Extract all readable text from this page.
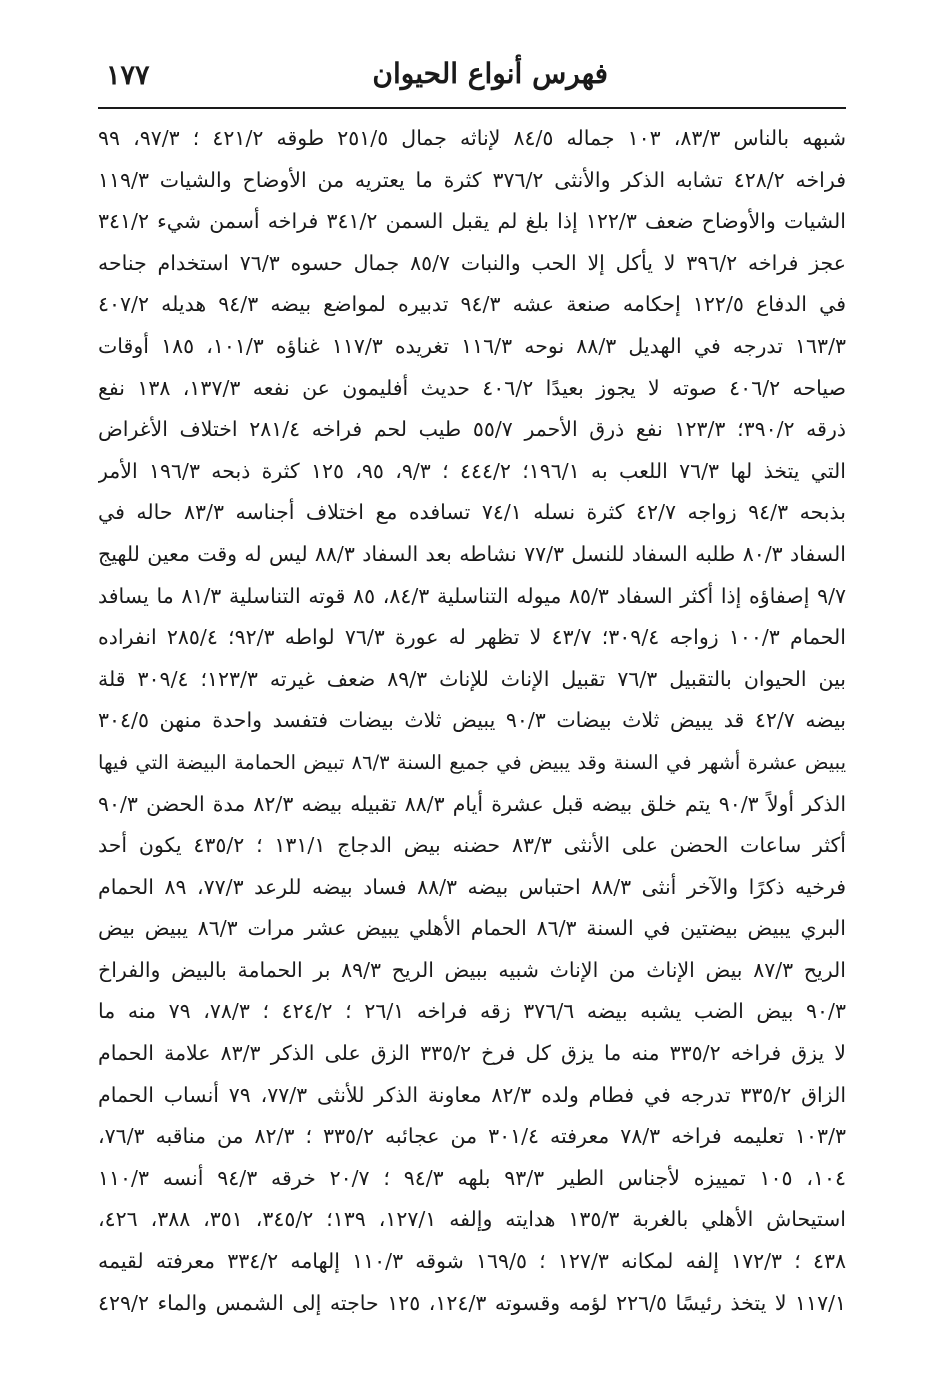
١٧٧	فهرس أنواع الحيوان
شبهه بالناس ٨٣/٣، ١٠٣ جماله ٨٤/٥ لإناثه جمال ٢٥١/٥ طوقه ٤٢١/٢ ؛ ٩٧/٣، ٩٩
فراخه ٤٢٨/٢ تشابه الذكر والأنثى ٣٧٦/٢ كثرة ما يعتريه من الأوضاح والشيات ١١٩/٣
الشيات والأوضاح ضعف ١٢٢/٣ إذا بلغ لم يقبل السمن ٣٤١/٢ فراخه أسمن شيء ٣٤١/٢
عجز فراخه ٣٩٦/٢ لا يأكل إلا الحب والنبات ٨٥/٧ جمال حسوه ٧٦/٣ استخدام جناحه
في الدفاع ١٢٢/٥ إحكامه صنعة عشه ٩٤/٣ تدبيره لمواضع بيضه ٩٤/٣ هديله ٤٠٧/٢
١٦٣/٣ تدرجه في الهديل ٨٨/٣ نوحه ١١٦/٣ تغريده ١١٧/٣ غناؤه ١٠١/٣، ١٨٥ أوقات
صياحه ٤٠٦/٢ صوته لا يجوز بعيدًا ٤٠٦/٢ حديث أفليمون عن نفعه ١٣٧/٣، ١٣٨ نفع
ذرقه ٣٩٠/٢؛ ١٢٣/٣ نفع ذرق الأحمر ٥٥/٧ طيب لحم فراخه ٢٨١/٤ اختلاف الأغراض
التي يتخذ لها ٧٦/٣ اللعب به ١٩٦/١؛ ٤٤٤/٢ ؛ ٩/٣، ٩٥، ١٢٥ كثرة ذبحه ١٩٦/٣ الأمر
بذبحه ٩٤/٣ زواجه ٤٢/٧ كثرة نسله ٧٤/١ تسافده مع اختلاف أجناسه ٨٣/٣ حاله في
السفاد ٨٠/٣ طلبه السفاد للنسل ٧٧/٣ نشاطه بعد السفاد ٨٨/٣ ليس له وقت معين للهيج
٩/٧ إصفاؤه إذا أكثر السفاد ٨٥/٣ ميوله التناسلية ٨٤/٣، ٨٥ قوته التناسلية ٨١/٣ ما يسافد
الحمام ١٠٠/٣ زواجه ٣٠٩/٤؛ ٤٣/٧ لا تظهر له عورة ٧٦/٣ لواطه ٩٢/٣؛ ٢٨٥/٤ انفراده
بين الحيوان بالتقبيل ٧٦/٣ تقبيل الإناث للإناث ٨٩/٣ ضعف غيرته ١٢٣/٣؛ ٣٠٩/٤ قلة
بيضه ٤٢/٧ قد يبيض ثلاث بيضات ٩٠/٣ يبيض ثلاث بيضات فتفسد واحدة منهن ٣٠٤/٥
يبيض عشرة أشهر في السنة وقد يبيض في جميع السنة ٨٦/٣ تبيض الحمامة البيضة التي فيها
الذكر أولاً ٩٠/٣ يتم خلق بيضه قبل عشرة أيام ٨٨/٣ تقبيله بيضه ٨٢/٣ مدة الحضن ٩٠/٣
أكثر ساعات الحضن على الأنثى ٨٣/٣ حضنه بيض الدجاج ١٣١/١ ؛ ٤٣٥/٢ يكون أحد
فرخيه ذكرًا والآخر أنثى ٨٨/٣ احتباس بيضه ٨٨/٣ فساد بيضه للرعد ٧٧/٣، ٨٩ الحمام
البري يبيض بيضتين في السنة ٨٦/٣ الحمام الأهلي يبيض عشر مرات ٨٦/٣ يبيض بيض
الريح ٨٧/٣ بيض الإناث من الإناث شبيه ببيض الريح ٨٩/٣ بر الحمامة بالبيض والفراخ
٩٠/٣ بيض الضب يشبه بيضه ٣٧٦/٦ زقه فراخه ٢٦/١ ؛ ٤٢٤/٢ ؛ ٧٨/٣، ٧٩ منه ما
لا يزق فراخه ٣٣٥/٢ منه ما يزق كل فرخ ٣٣٥/٢ الزق على الذكر ٨٣/٣ علامة الحمام
الزاق ٣٣٥/٢ تدرجه في فطام ولده ٨٢/٣ معاونة الذكر للأنثى ٧٧/٣، ٧٩ أنساب الحمام
١٠٣/٣ تعليمه فراخه ٧٨/٣ معرفته ٣٠١/٤ من عجائبه ٣٣٥/٢ ؛ ٨٢/٣ من مناقبه ٧٦/٣،
١٠٤، ١٠٥ تمييزه لأجناس الطير ٩٣/٣ بلهه ٩٤/٣ ؛ ٢٠/٧ خرقه ٩٤/٣ أنسه ١١٠/٣
استيحاش الأهلي بالغربة ١٣٥/٣ هدايته وإلفه ١٢٧/١، ١٣٩؛ ٣٤٥/٢، ٣٥١، ٣٨٨، ٤٢٦،
٤٣٨ ؛ ١٧٢/٣ إلفه لمكانه ١٢٧/٣ ؛ ١٦٩/٥ شوقه ١١٠/٣ إلهامه ٣٣٤/٢ معرفته لقيمه
١١٧/١ لا يتخذ رئيسًا ٢٢٦/٥ لؤمه وقسوته ١٢٤/٣، ١٢٥ حاجته إلى الشمس والماء ٤٢٩/٢
